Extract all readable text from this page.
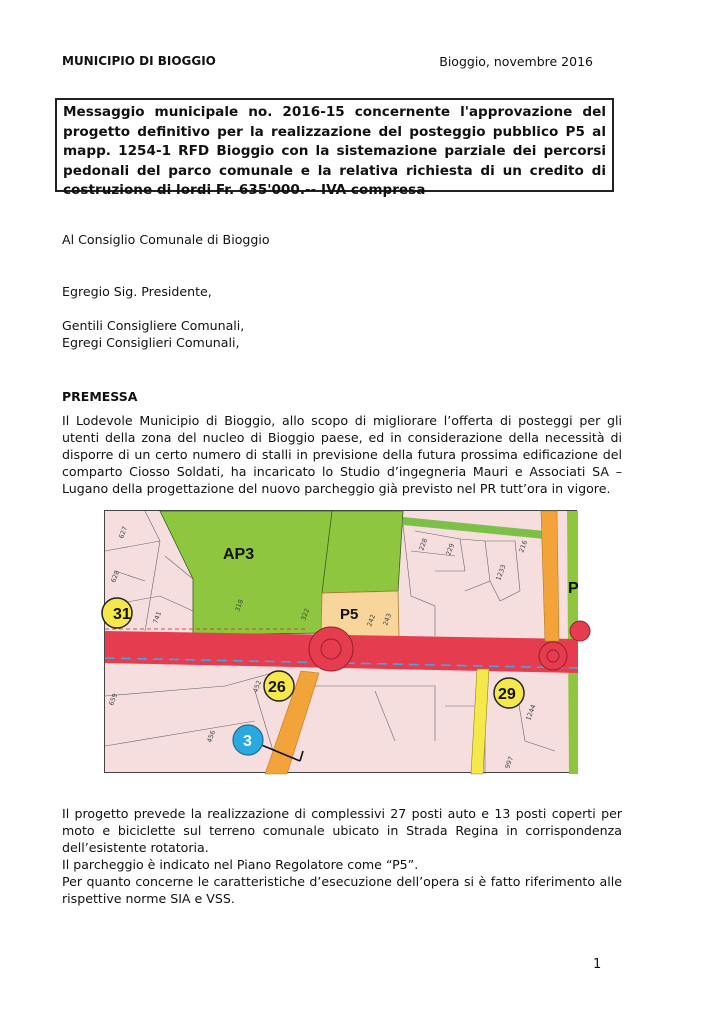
MUNICIPIO DI BIOGGIO	Bioggio, novembre 2016
Messaggio municipale no. 2016-15 concernente l'approvazione del progetto definitivo per la realizzazione del posteggio pubblico P5 al mapp. 1254-1 RFD Bioggio con la sistemazione parziale dei percorsi pedonali del parco comunale e la relativa richiesta di un credito di costruzione di lordi Fr. 635'000.-- IVA compresa
Al Consiglio Comunale di Bioggio
Egregio Sig. Presidente,
Gentili Consigliere Comunali,
Egregi Consiglieri Comunali,
PREMESSA
Il Lodevole Municipio di Bioggio, allo scopo di migliorare l’offerta di posteggi per gli utenti della zona del nucleo di Bioggio paese, ed in considerazione della necessità di disporre di un certo numero di stalli in previsione della futura prossima edificazione del comparto Ciosso Soldati, ha incaricato lo Studio d’ingegneria Mauri e Associati SA – Lugano della progettazione del nuovo parcheggio già previsto nel PR tutt’ora in vigore.
AP3
P5
P
627
628
741
318
322	242 243
228 229	216
1233
659
452
456
997
1244
31
26	29
3
Il progetto prevede la realizzazione di complessivi 27 posti auto e 13 posti coperti per moto e biciclette sul terreno comunale ubicato in Strada Regina in corrispondenza dell’esistente rotatoria.
Il parcheggio è indicato nel Piano Regolatore come “P5”.
Per quanto concerne le caratteristiche d’esecuzione dell’opera si è fatto riferimento alle rispettive norme SIA e VSS.
1
